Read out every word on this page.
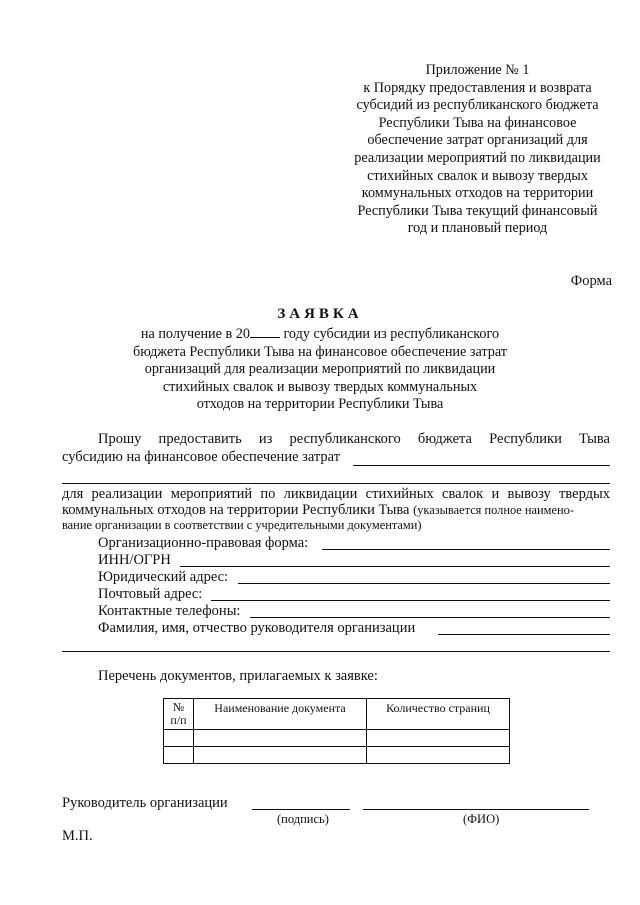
Приложение № 1
к Порядку предоставления и возврата
субсидий из республиканского бюджета
Республики Тыва на финансовое
обеспечение затрат организаций для
реализации мероприятий по ликвидации
стихийных свалок и вывозу твердых
коммунальных отходов на территории
Республики Тыва текущий финансовый
год и плановый период
Форма
ЗАЯВКА
на получение в 20 году субсидии из республиканского
бюджета Республики Тыва на финансовое обеспечение затрат
организаций для реализации мероприятий по ликвидации
стихийных свалок и вывозу твердых коммунальных
отходов на территории Республики Тыва
Прошу предоставить из республиканского бюджета Республики Тыва
субсидию на финансовое обеспечение затрат
для реализации мероприятий по ликвидации стихийных свалок и вывозу твердых
коммунальных отходов на территории Республики Тыва (указывается полное наимено-
вание организации в соответствии с учредительными документами)
Организационно-правовая форма:
ИНН/ОГРН
Юридический адрес:
Почтовый адрес:
Контактные телефоны:
Фамилия, имя, отчество руководителя организации
Перечень документов, прилагаемых к заявке:
№
п/п	Наименование документа	Количество страниц

Руководитель организации
(подпись)	(ФИО)
М.П.
